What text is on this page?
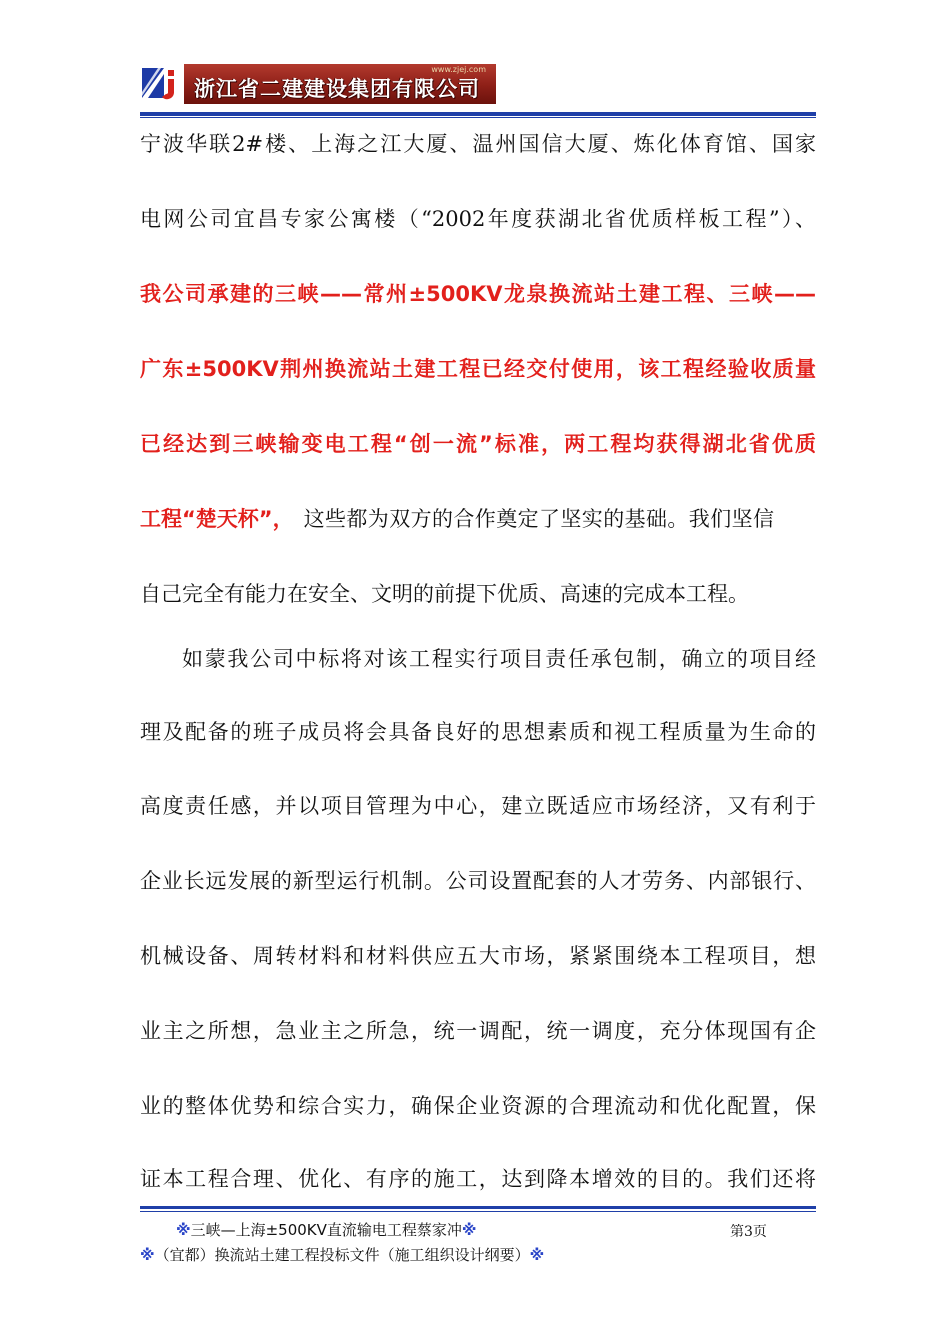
www.zjej.com
浙江省二建建设集团有限公司
宁波华联2#楼、上海之江大厦、温州国信大厦、炼化体育馆、国家
电网公司宜昌专家公寓楼（“2002年度获湖北省优质样板工程”）、
我公司承建的三峡——常州±500KV龙泉换流站土建工程、三峡——
广东±500KV荆州换流站土建工程已经交付使用，该工程经验收质量
已经达到三峡输变电工程“创一流”标准，两工程均获得湖北省优质
工程“楚天杯”， 这些都为双方的合作奠定了坚实的基础。我们坚信
自己完全有能力在安全、文明的前提下优质、高速的完成本工程。
如蒙我公司中标将对该工程实行项目责任承包制，确立的项目经
理及配备的班子成员将会具备良好的思想素质和视工程质量为生命的
高度责任感，并以项目管理为中心，建立既适应市场经济，又有利于
企业长远发展的新型运行机制。公司设置配套的人才劳务、内部银行、
机械设备、周转材料和材料供应五大市场，紧紧围绕本工程项目，想
业主之所想，急业主之所急，统一调配，统一调度，充分体现国有企
业的整体优势和综合实力，确保企业资源的合理流动和优化配置，保
证本工程合理、优化、有序的施工，达到降本增效的目的。我们还将
※三峡—上海±500KV直流输电工程蔡家冲※	第3页
※（宜都）换流站土建工程投标文件（施工组织设计纲要）※
